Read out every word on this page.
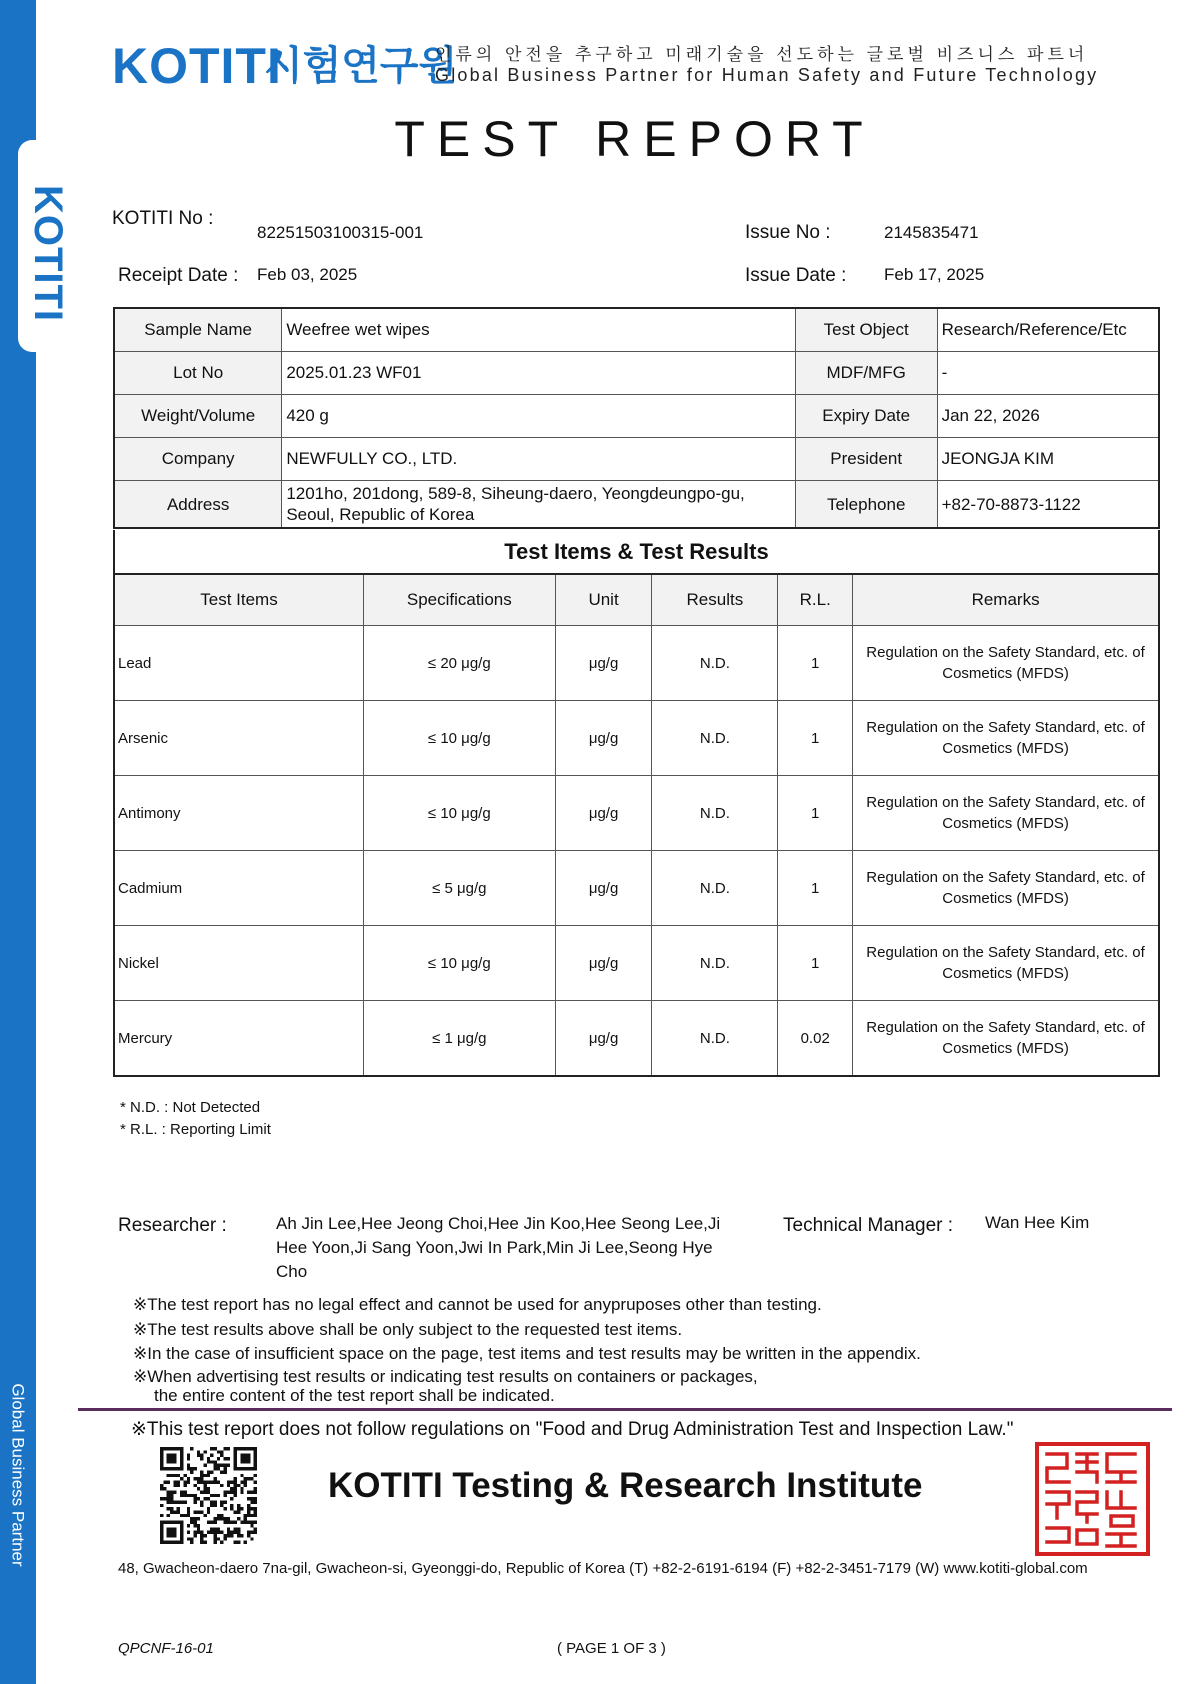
KOTITI
Global Business Partner
KOTITI
시험연구원
인류의 안전을 추구하고 미래기술을 선도하는 글로벌 비즈니스 파트너
Global Business Partner for Human Safety and Future Technology
TEST REPORT
KOTITI No :
82251503100315-001	Issue No :	2145835471
Receipt Date : Feb 03, 2025	Issue Date : Feb 17, 2025
Sample Name	Weefree wet wipes	Test Object	Research/Reference/Etc
Lot No	2025.01.23 WF01	MDF/MFG	-
Weight/Volume	420 g	Expiry Date	Jan 22, 2026
Company	NEWFULLY CO., LTD.	President	JEONGJA KIM
Address	1201ho, 201dong, 589-8, Siheung-daero, Yeongdeungpo-gu,
Seoul, Republic of Korea	Telephone	+82-70-8873-1122
Test Items & Test Results
Test Items	Specifications	Unit	Results	R.L.	Remarks
Lead	≤ 20 μg/g	μg/g	N.D.	1	Regulation on the Safety Standard, etc. of
Cosmetics (MFDS)

Arsenic	≤ 10 μg/g	μg/g	N.D.	1	Regulation on the Safety Standard, etc. of
Cosmetics (MFDS)

Antimony	≤ 10 μg/g	μg/g	N.D.	1	Regulation on the Safety Standard, etc. of
Cosmetics (MFDS)

Cadmium	≤ 5 μg/g	μg/g	N.D.	1	Regulation on the Safety Standard, etc. of
Cosmetics (MFDS)

Nickel	≤ 10 μg/g	μg/g	N.D.	1	Regulation on the Safety Standard, etc. of
Cosmetics (MFDS)

Mercury	≤ 1 μg/g	μg/g	N.D.	0.02	Regulation on the Safety Standard, etc. of
Cosmetics (MFDS)
* N.D. : Not Detected
* R.L. : Reporting Limit
Researcher :	Ah Jin Lee,Hee Jeong Choi,Hee Jin Koo,Hee Seong Lee,Ji
Hee Yoon,Ji Sang Yoon,Jwi In Park,Min Ji Lee,Seong Hye
Cho
Technical Manager : Wan Hee Kim
※The test report has no legal effect and cannot be used for anypruposes other than testing.
※The test results above shall be only subject to the requested test items.
※In the case of insufficient space on the page, test items and test results may be written in the appendix.
※When advertising test results or indicating test results on containers or packages,
the entire content of the test report shall be indicated.
※This test report does not follow regulations on "Food and Drug Administration Test and Inspection Law."
KOTITI Testing & Research Institute
48, Gwacheon-daero 7na-gil, Gwacheon-si, Gyeonggi-do, Republic of Korea (T) +82-2-6191-6194 (F) +82-2-3451-7179 (W) www.kotiti-global.com
QPCNF-16-01	( PAGE 1 OF 3 )
